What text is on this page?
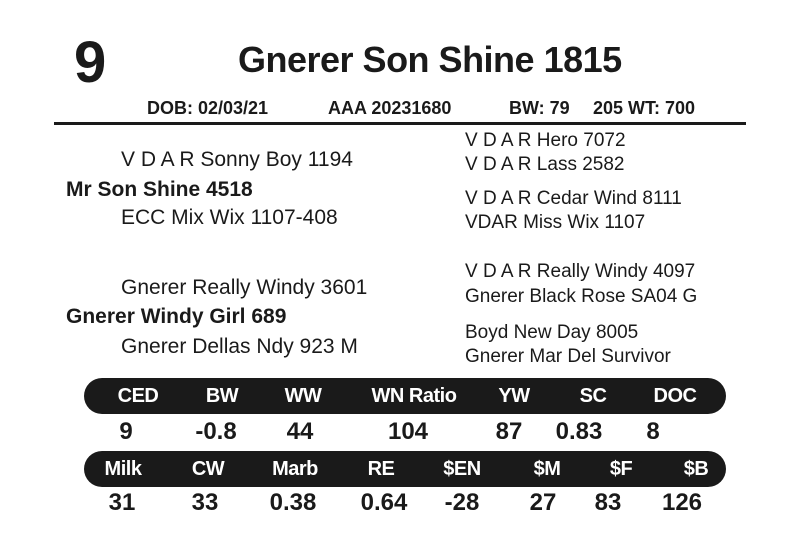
9	Gnerer Son Shine 1815
DOB: 02/03/21	AAA 20231680	BW: 79 205 WT: 700
V D A R Sonny Boy 1194
Mr Son Shine 4518
ECC Mix Wix 1107-408
V D A R Hero 7072
V D A R Lass 2582
V D A R Cedar Wind 8111
VDAR Miss Wix 1107
Gnerer Really Windy 3601
Gnerer Windy Girl 689
Gnerer Dellas Ndy 923 M
V D A R Really Windy 4097
Gnerer Black Rose SA04 G
Boyd New Day 8005
Gnerer Mar Del Survivor
CED BW WW	WN Ratio YW SC DOC
9	-0.8 44	104	87 0.83 8
Milk	CW Marb RE $EN	$M $F	$B
31 33 0.38 0.64 -28 27 83 126
